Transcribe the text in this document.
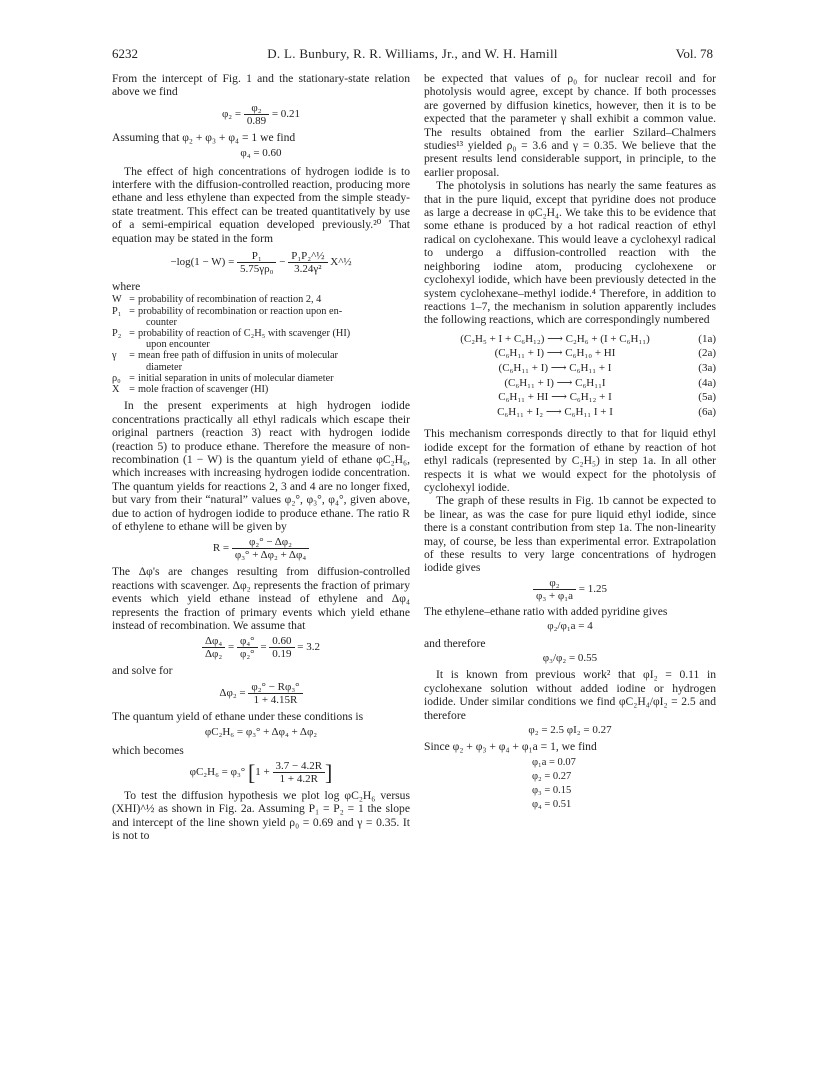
6232	D. L. Bunbury, R. R. Williams, Jr., and W. H. Hamill	Vol. 78

From the intercept of Fig. 1 and the stationary-state relation above we find

$\varphi_2 = \frac{\text{φ₂}}{0.89} = 0.21$

Assuming that φ₂ + φ₃ + φ₄ = 1 we find

φ₄ = 0.60

The effect of high concentrations of hydrogen iodide is to interfere with the diffusion-controlled reaction, producing more ethane and less ethylene than expected from the simple steady-state treatment. This effect can be treated quantitatively by use of a semi-empirical equation developed previously.²⁰ That equation may be stated in the form

$-\log(1 - W) = \frac{\text{P₁}}{\text{5.75γρ₀}} - \frac{\text{P₁P₂\textasciicircum{}½}}{\text{3.24γ²}}$ X^½

where

W = probability of recombination of reaction 2, 4
P₁ = probability of recombination or reaction upon en-
counter
P₂ = probability of reaction of C₂H₅ with scavenger (HI)
upon encounter
γ	= mean free path of diffusion in units of molecular
diameter
ρ₀ = initial separation in units of molecular diameter
X = mole fraction of scavenger (HI)

In the present experiments at high hydrogen iodide concentrations practically all ethyl radicals which escape their original partners (reaction 3) react with hydrogen iodide (reaction 5) to produce ethane. Therefore the measure of non-recombination (1 − W) is the quantum yield of ethane φC₂H₆, which increases with increasing hydrogen iodide concentration. The quantum yields for reactions 2, 3 and 4 are no longer fixed, but vary from their “natural” values φ₂°, φ₃°, φ₄°, given above, due to action of hydrogen iodide to produce ethane. The ratio R of ethylene to ethane will be given by

$R = \frac{\text{φ₂° − Δφ₂}}{\text{φ₃° + Δφ₂ + Δφ₄}}$

The Δφ's are changes resulting from diffusion-controlled reactions with scavenger. Δφ₂ represents the fraction of primary events which yield ethane instead of ethylene and Δφ₄ represents the fraction of primary events which yield ethane instead of recombination. We assume that

$\frac{\text{Δφ₄}}{\text{Δφ₂}} = \frac{\text{φ₄°}}{\text{φ₂°}} = \frac{0.60}{0.19} = 3.2$

and solve for

$\Delta\varphi_2 = \frac{\text{φ₂° − Rφ₃°}}{1 + 4.15R}$

The quantum yield of ethane under these conditions is

φC₂H₆ = φ₃° + Δφ₄ + Δφ₂

which becomes

φC₂H₆ = φ₃° [$1 + \frac{3.7 - 4.2R}{1 + 4.2R}$ ]

To test the diffusion hypothesis we plot log φC₂H₆ versus (XHI)^½ as shown in Fig. 2a. Assuming P₁ = P₂ = 1 the slope and intercept of the line shown yield ρ₀ = 0.69 and γ = 0.35. It is not to

be expected that values of ρ₀ for nuclear recoil and for photolysis would agree, except by chance. If both processes are governed by diffusion kinetics, however, then it is to be expected that the parameter γ shall exhibit a common value. The results obtained from the earlier Szilard–Chalmers studies¹³ yielded ρ₀ = 3.6 and γ = 0.35. We believe that the present results lend considerable support, in principle, to the earlier proposal.

The photolysis in solutions has nearly the same features as that in the pure liquid, except that pyridine does not produce as large a decrease in φC₂H₄. We take this to be evidence that some ethane is produced by a hot radical reaction of ethyl radical on cyclohexane. This would leave a cyclohexyl radical to undergo a diffusion-controlled reaction with the neighboring iodine atom, producing cyclohexene or cyclohexyl iodide, which have been previously detected in the system cyclohexane–methyl iodide.⁴ Therefore, in addition to reactions 1–7, the mechanism in solution apparently includes the following reactions, which are correspondingly numbered

(C₂H₅ + I + C₆H₁₂) ⟶ C₂H₆ + (I + C₆H₁₁)	(1a)
(C₆H₁₁ + I) ⟶ C₆H₁₀ + HI	(2a)
(C₆H₁₁ + I) ⟶ C₆H₁₁ + I	(3a)
(C₆H₁₁ + I) ⟶ C₆H₁₁I	(4a)
C₆H₁₁ + HI ⟶ C₆H₁₂ + I	(5a)
C₆H₁₁ + I₂ ⟶ C₆H₁₁ I + I	(6a)

This mechanism corresponds directly to that for liquid ethyl iodide except for the formation of ethane by reaction of hot ethyl radicals (represented by C₂H₅) in step 1a. In all other respects it is what we would expect for the photolysis of cyclohexyl iodide.

The graph of these results in Fig. 1b cannot be expected to be linear, as was the case for pure liquid ethyl iodide, since there is a constant contribution from step 1a. The non-linearity may, of course, be less than experimental error. Extrapolation of these results to very large concentrations of hydrogen iodide gives

$\frac{\text{φ₂}}{\text{φ₃ + φ₁a}} = 1.25$

The ethylene–ethane ratio with added pyridine gives

φ₂/φ₁a = 4

and therefore

φ₃/φ₂ = 0.55

It is known from previous work² that φI₂ = 0.11 in cyclohexane solution without added iodine or hydrogen iodide. Under similar conditions we find φC₂H₄/φI₂ = 2.5 and therefore

φ₂ = 2.5 φI₂ = 0.27

Since φ₂ + φ₃ + φ₄ + φ₁a = 1, we find

φ₁a = 0.07
φ₂ = 0.27
φ₃ = 0.15
φ₄ = 0.51
